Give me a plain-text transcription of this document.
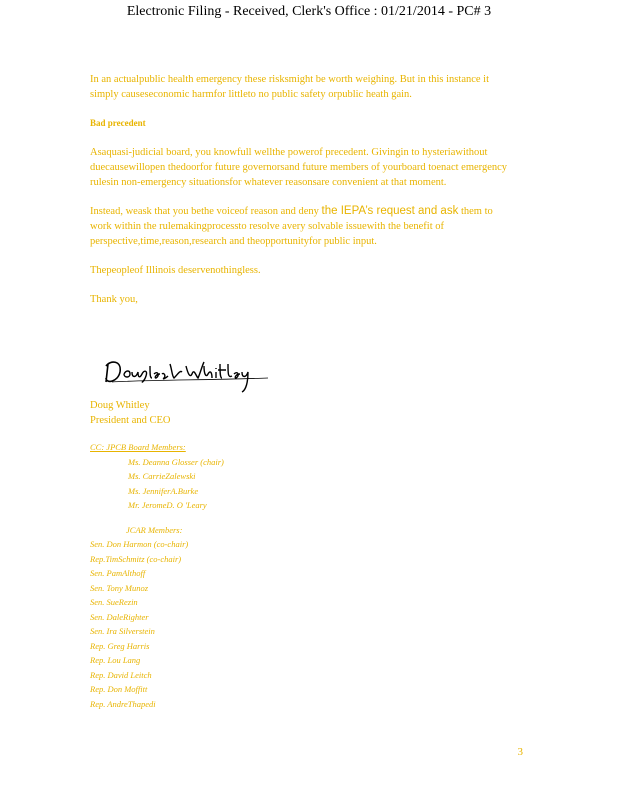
Electronic Filing - Received, Clerk's Office : 01/21/2014 - PC# 3

In an actualpublic health emergency these risksmight be worth weighing. But in this instance it simply causeseconomic harmfor littleto no public safety orpublic heath gain.

Bad precedent

Asaquasi-judicial board, you knowfull wellthe powerof precedent. Givingin to hysteriawithout duecausewillopen thedoorfor future governorsand future members of yourboard toenact emergency rulesin non-emergency situationsfor whatever reasonsare convenient at that moment.

Instead, weask that you bethe voiceof reason and deny the IEPA’s request and ask them to work within the rulemakingprocessto resolve avery solvable issuewith the benefit of perspective,time,reason,research and theopportunityfor public input.

Thepeopleof Illinois deservenothingless.

Thank you,

Doug Whitley
President and CEO
CC: JPCB Board Members:
Ms. Deanna Glosser (chair)
Ms. CarrieZalewski
Ms. JenniferA.Burke
Mr. JeromeD. O 'Leary
JCAR Members:
Sen. Don Harmon (co-chair)
Rep.TimSchmitz (co-chair)
Sen. PamAlthoff
Sen. Tony Munoz
Sen. SueRezin
Sen. DaleRighter
Sen. Ira Silverstein
Rep. Greg Harris
Rep. Lou Lang
Rep. David Leitch
Rep. Don Moffitt
Rep. AndreThapedi
3
